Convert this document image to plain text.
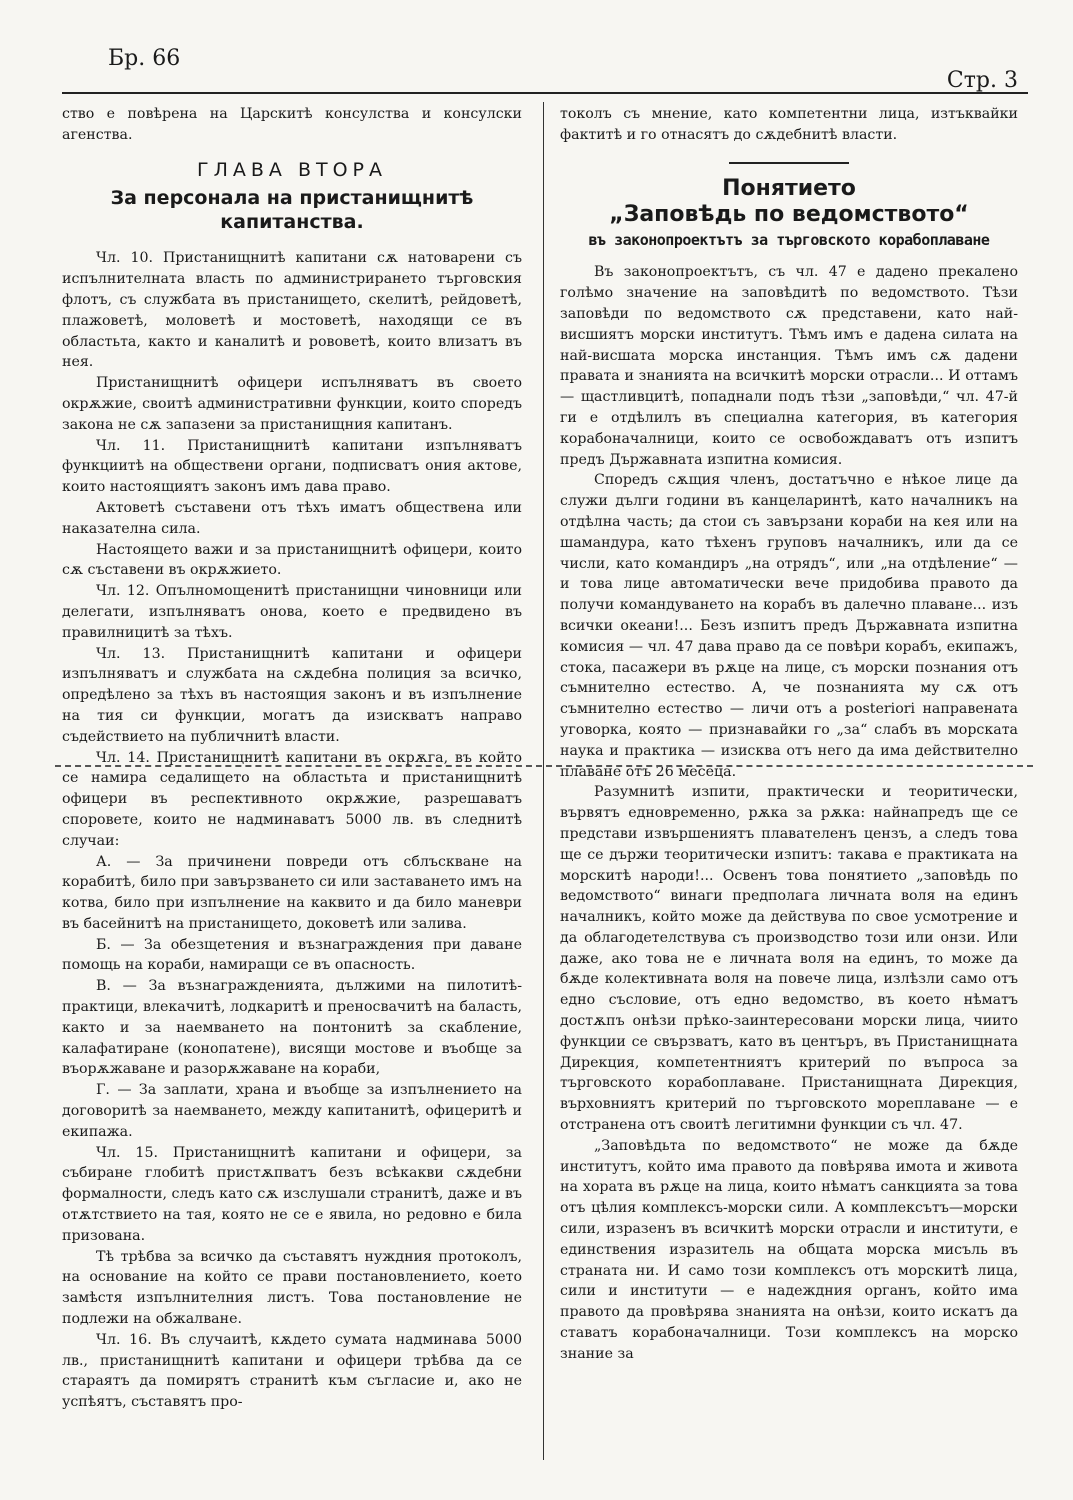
Бр. 66
Стр. 3

ство е повѣрена на Царскитѣ консулства и консулски агенства.

ГЛАВА ВТОРА
За персонала на пристанищнитѣ капитанства.

Чл. 10. Пристанищнитѣ капитани сѫ натоварени съ испълнителната власть по администрирането търговския флотъ, съ службата въ пристанището, скелитѣ, рейдоветѣ, плажоветѣ, моловетѣ и мостоветѣ, находящи се въ областьта, както и каналитѣ и рововетѣ, които влизатъ въ нея.

Пристанищнитѣ офицери испълняватъ въ своето окрѫжие, своитѣ административни функции, които споредъ закона не сѫ запазени за пристанищния капитанъ.

Чл. 11. Пристанищнитѣ капитани изпълняватъ функциитѣ на обществени органи, подписватъ ония актове, които настоящиятъ законъ имъ дава право.

Актоветѣ съставени отъ тѣхъ иматъ обществена или наказателна сила.

Настоящето важи и за пристанищнитѣ офицери, които сѫ съставени въ окрѫжието.

Чл. 12. Опълномощенитѣ пристанищни чиновници или делегати, изпълняватъ онова, което е предвидено въ правилницитѣ за тѣхъ.

Чл. 13. Пристанищнитѣ капитани и офицери изпълняватъ и службата на сѫдебна полиция за всичко, опредѣлено за тѣхъ въ настоящия законъ и въ изпълнение на тия си функции, могатъ да изискватъ направо съдействието на публичнитѣ власти.

Чл. 14. Пристанищнитѣ капитани въ окрѫга, въ който се намира седалището на областьта и пристанищнитѣ офицери въ респективното окрѫжие, разрешаватъ споровете, които не надминаватъ 5000 лв. въ следнитѣ случаи:

А. — За причинени повреди отъ сблъскване на корабитѣ, било при завързването си или заставането имъ на котва, било при изпълнение на каквито и да било маневри въ басейнитѣ на пристанището, доковетѣ или залива.

Б. — За обезщетения и възнаграждения при даване помощь на кораби, намиращи се въ опасность.

В. — За възнагражденията, дължими на пилотитѣ-практици, влекачитѣ, лодкаритѣ и преносвачитѣ на баласть, както и за наемването на понтонитѣ за скабление, калафатиране (конопатене), висящи мостове и въобще за въорѫжаване и разорѫжаване на кораби,

Г. — За заплати, храна и въобще за изпълнението на договоритѣ за наемването, между капитанитѣ, офицеритѣ и екипажа.

Чл. 15. Пристанищнитѣ капитани и офицери, за събиране глобитѣ пристѫпватъ безъ всѣкакви сѫдебни формалности, следъ като сѫ изслушали странитѣ, даже и въ отѫтствието на тая, която не се е явила, но редовно е била призована.

Тѣ трѣбва за всичко да съставятъ нуждния протоколъ, на основание на който се прави постановлението, което замѣстя изпълнителния листъ. Това постановление не подлежи на обжалване.

Чл. 16. Въ случаитѣ, кѫдето сумата надминава 5000 лв., пристанищнитѣ капитани и офицери трѣбва да се стараятъ да помирятъ странитѣ към съгласие и, ако не успѣятъ, съставятъ про-

токолъ съ мнение, като компетентни лица, изтъквайки фактитѣ и го отнасятъ до сѫдебнитѣ власти.

Понятието
„Заповѣдь по ведомството“
въ законопроектътъ за търговското корабоплаване

Въ законопроектътъ, съ чл. 47 е дадено прекалено голѣмо значение на заповѣдитѣ по ведомството. Тѣзи заповѣди по ведомството сѫ представени, като най-висшиятъ морски институтъ. Тѣмъ имъ е дадена силата на най-висшата морска инстанция. Тѣмъ имъ сѫ дадени правата и знанията на всичкитѣ морски отрасли... И оттамъ — щастливцитѣ, попаднали подъ тѣзи „заповѣди,“ чл. 47-й ги е отдѣлилъ въ специална категория, въ категория корабоначалници, които се освобождаватъ отъ изпитъ предъ Държавната изпитна комисия.

Споредъ сѫщия членъ, достатъчно е нѣкое лице да служи дълги години въ канцеларинтѣ, като началникъ на отдѣлна часть; да стои съ завързани кораби на кея или на шамандура, като тѣхенъ груповъ началникъ, или да се числи, като командиръ „на отрядъ“, или „на отдѣление“ — и това лице автоматически вече придобива правото да получи командуването на корабъ въ далечно плаване... изъ всички океани!... Безъ изпитъ предъ Държавната изпитна комисия — чл. 47 дава право да се повѣри корабъ, екипажъ, стока, пасажери въ рѫце на лице, съ морски познания отъ съмнително естество. А, че познанията му сѫ отъ съмнително естество — личи отъ а posteriori направената уговорка, която — признавайки го „за“ слабъ въ морската наука и практика — изисква отъ него да има действително плаване отъ 26 месеца.

Разумнитѣ изпити, практически и теоритически, вървятъ едновременно, рѫка за рѫка: найнапредъ ще се представи извършениятъ плавателенъ цензъ, а следъ това ще се държи теоритически изпитъ: такава е практиката на морскитѣ народи!... Освенъ това понятието „заповѣдь по ведомството“ винаги предполага личната воля на единъ началникъ, който може да действува по свое усмотрение и да облагодетелствува съ производство този или онзи. Или даже, ако това не е личната воля на единъ, то може да бѫде колективната воля на повече лица, излѣзли само отъ едно съсловие, отъ едно ведомство, въ което нѣматъ достѫпъ онѣзи прѣко-заинтересовани морски лица, чиито функции се свързватъ, като въ центъръ, въ Пристанищната Дирекция, компетентниятъ критерий по въпроса за търговското корабоплаване. Пристанищната Дирекция, върховниятъ критерий по търговското мореплаване — е отстранена отъ своитѣ легитимни функции съ чл. 47.

„Заповѣдьта по ведомството“ не може да бѫде институтъ, който има правото да повѣрява имота и живота на хората въ рѫце на лица, които нѣматъ санкцията за това отъ цѣлия комплексъ-морски сили. А комплексътъ—морски сили, изразенъ въ всичкитѣ морски отрасли и институти, е единствения изразитель на общата морска мисъль въ страната ни. И само този комплексъ отъ морскитѣ лица, сили и институти — е надеждния органъ, който има правото да провѣрява знанията на онѣзи, които искатъ да ставатъ корабоначалници. Този комплексъ на морско знание за
